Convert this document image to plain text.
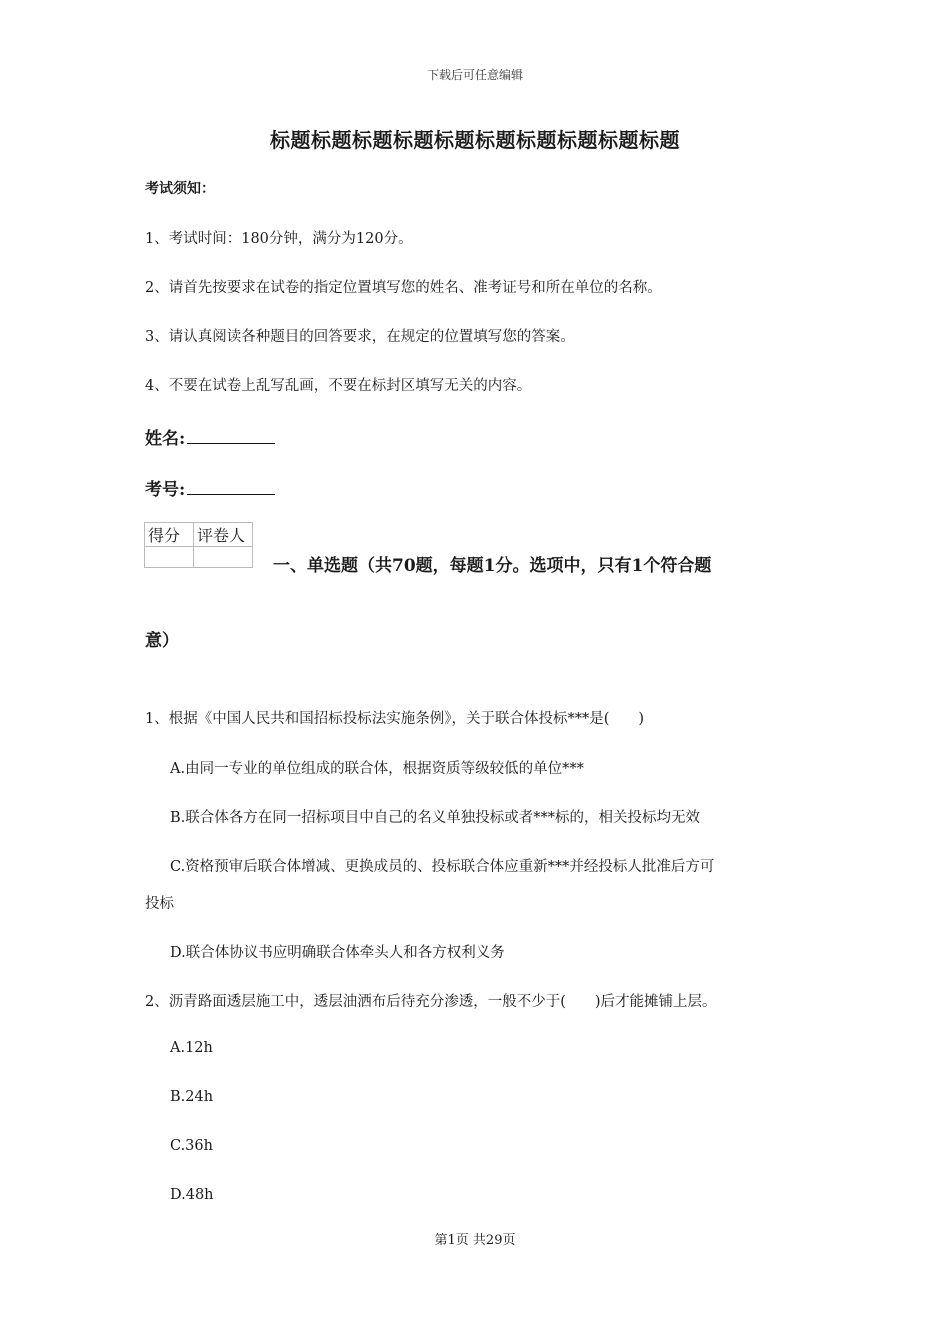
下载后可任意编辑
标题标题标题标题标题标题标题标题标题标题
考试须知：
1、考试时间：180分钟，满分为120分。
2、请首先按要求在试卷的指定位置填写您的姓名、准考证号和所在单位的名称。
3、请认真阅读各种题目的回答要求，在规定的位置填写您的答案。
4、不要在试卷上乱写乱画，不要在标封区填写无关的内容。
姓名:
考号:
得分	评卷人

一、单选题（共70题，每题1分。选项中，只有1个符合题
意）
1、根据《中国人民共和国招标投标法实施条例》，关于联合体投标***是(　　)
A.由同一专业的单位组成的联合体，根据资质等级较低的单位***
B.联合体各方在同一招标项目中自己的名义单独投标或者***标的，相关投标均无效
C.资格预审后联合体增减、更换成员的、投标联合体应重新***并经投标人批准后方可
投标
D.联合体协议书应明确联合体牵头人和各方权利义务
2、沥青路面透层施工中，透层油洒布后待充分渗透，一般不少于(　　)后才能摊铺上层。
A.12h
B.24h
C.36h
D.48h
第1页 共29页
